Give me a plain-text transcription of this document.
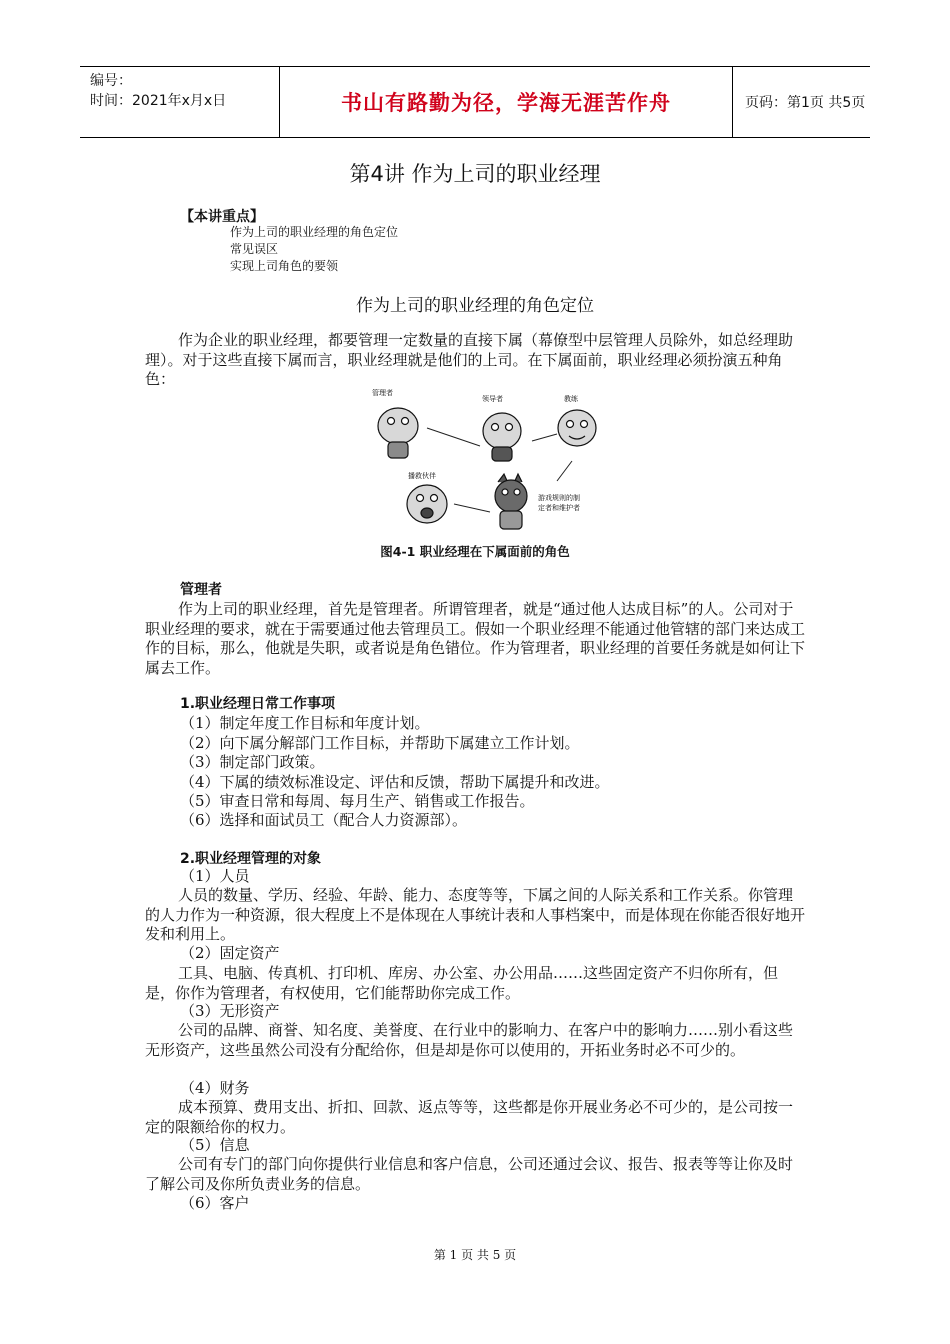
编号：
时间：2021年x月x日	书山有路勤为径，学海无涯苦作舟	页码：第1页 共5页
第4讲 作为上司的职业经理
【本讲重点】
作为上司的职业经理的角色定位
常见误区
实现上司角色的要领
作为上司的职业经理的角色定位

作为企业的职业经理，都要管理一定数量的直接下属（幕僚型中层管理人员除外，如总经理助理）。对于这些直接下属而言，职业经理就是他们的上司。在下属面前，职业经理必须扮演五种角色：

管理者
领导者	教练
播救伙伴
游戏规则的制
定者和维护者
图4-1 职业经理在下属面前的角色
管理者

作为上司的职业经理，首先是管理者。所谓管理者，就是“通过他人达成目标”的人。公司对于职业经理的要求，就在于需要通过他去管理员工。假如一个职业经理不能通过他管辖的部门来达成工作的目标，那么，他就是失职，或者说是角色错位。作为管理者，职业经理的首要任务就是如何让下属去工作。

1.职业经理日常工作事项
（1）制定年度工作目标和年度计划。
（2）向下属分解部门工作目标，并帮助下属建立工作计划。
（3）制定部门政策。
（4）下属的绩效标准设定、评估和反馈，帮助下属提升和改进。
（5）审查日常和每周、每月生产、销售或工作报告。
（6）选择和面试员工（配合人力资源部）。
2.职业经理管理的对象
（1）人员

人员的数量、学历、经验、年龄、能力、态度等等，下属之间的人际关系和工作关系。你管理的人力作为一种资源，很大程度上不是体现在人事统计表和人事档案中，而是体现在你能否很好地开发和利用上。

（2）固定资产

工具、电脑、传真机、打印机、库房、办公室、办公用品……这些固定资产不归你所有，但是，你作为管理者，有权使用，它们能帮助你完成工作。

（3）无形资产

公司的品牌、商誉、知名度、美誉度、在行业中的影响力、在客户中的影响力……别小看这些无形资产，这些虽然公司没有分配给你，但是却是你可以使用的，开拓业务时必不可少的。

（4）财务

成本预算、费用支出、折扣、回款、返点等等，这些都是你开展业务必不可少的，是公司按一定的限额给你的权力。

（5）信息

公司有专门的部门向你提供行业信息和客户信息，公司还通过会议、报告、报表等等让你及时了解公司及你所负责业务的信息。

（6）客户
第 1 页 共 5 页
